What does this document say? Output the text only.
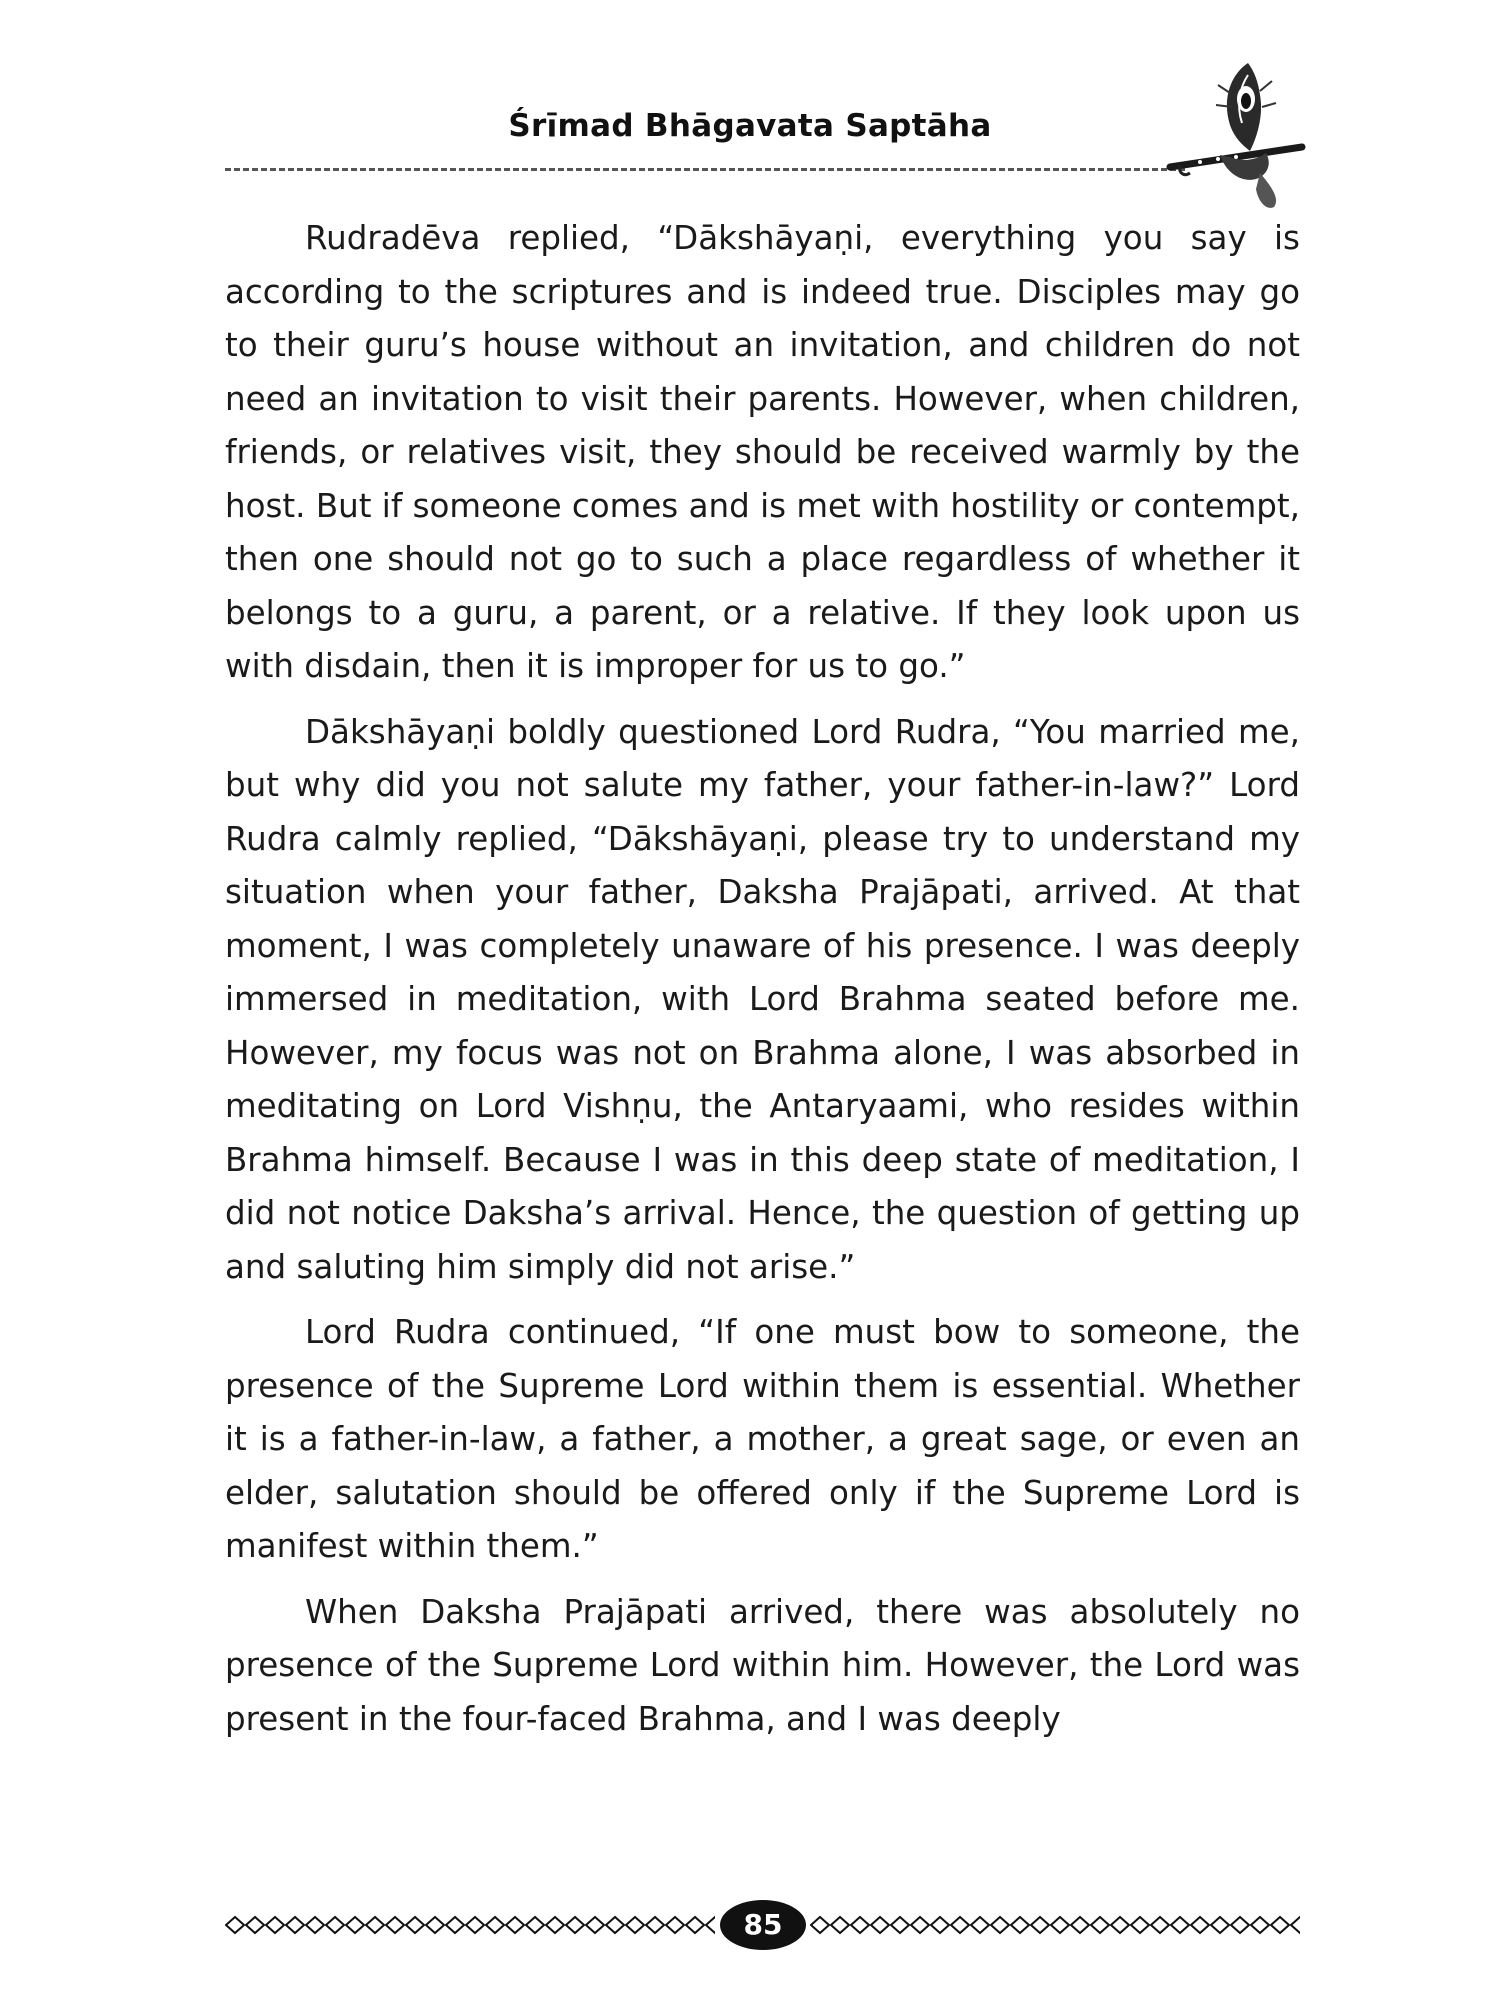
Śrīmad Bhāgavata Saptāha

Rudradēva replied, “Dākshāyaṇi, everything you say is according to the scriptures and is indeed true. Disciples may go to their guru’s house without an invitation, and children do not need an invitation to visit their parents. However, when children, friends, or relatives visit, they should be received warmly by the host. But if someone comes and is met with hostility or contempt, then one should not go to such a place regardless of whether it belongs to a guru, a parent, or a relative. If they look upon us with disdain, then it is improper for us to go.”

Dākshāyaṇi boldly questioned Lord Rudra, “You married me, but why did you not salute my father, your father-in-law?” Lord Rudra calmly replied, “Dākshāyaṇi, please try to understand my situation when your father, Daksha Prajāpati, arrived. At that moment, I was completely unaware of his presence. I was deeply immersed in meditation, with Lord Brahma seated before me. However, my focus was not on Brahma alone, I was absorbed in meditating on Lord Vishṇu, the Antaryaami, who resides within Brahma himself. Because I was in this deep state of meditation, I did not notice Daksha’s arrival. Hence, the question of getting up and saluting him simply did not arise.”

Lord Rudra continued, “If one must bow to someone, the presence of the Supreme Lord within them is essential. Whether it is a father-in-law, a father, a mother, a great sage, or even an elder, salutation should be offered only if the Supreme Lord is manifest within them.”

When Daksha Prajāpati arrived, there was absolutely no presence of the Supreme Lord within him. However, the Lord was present in the four-faced Brahma, and I was deeply

85
